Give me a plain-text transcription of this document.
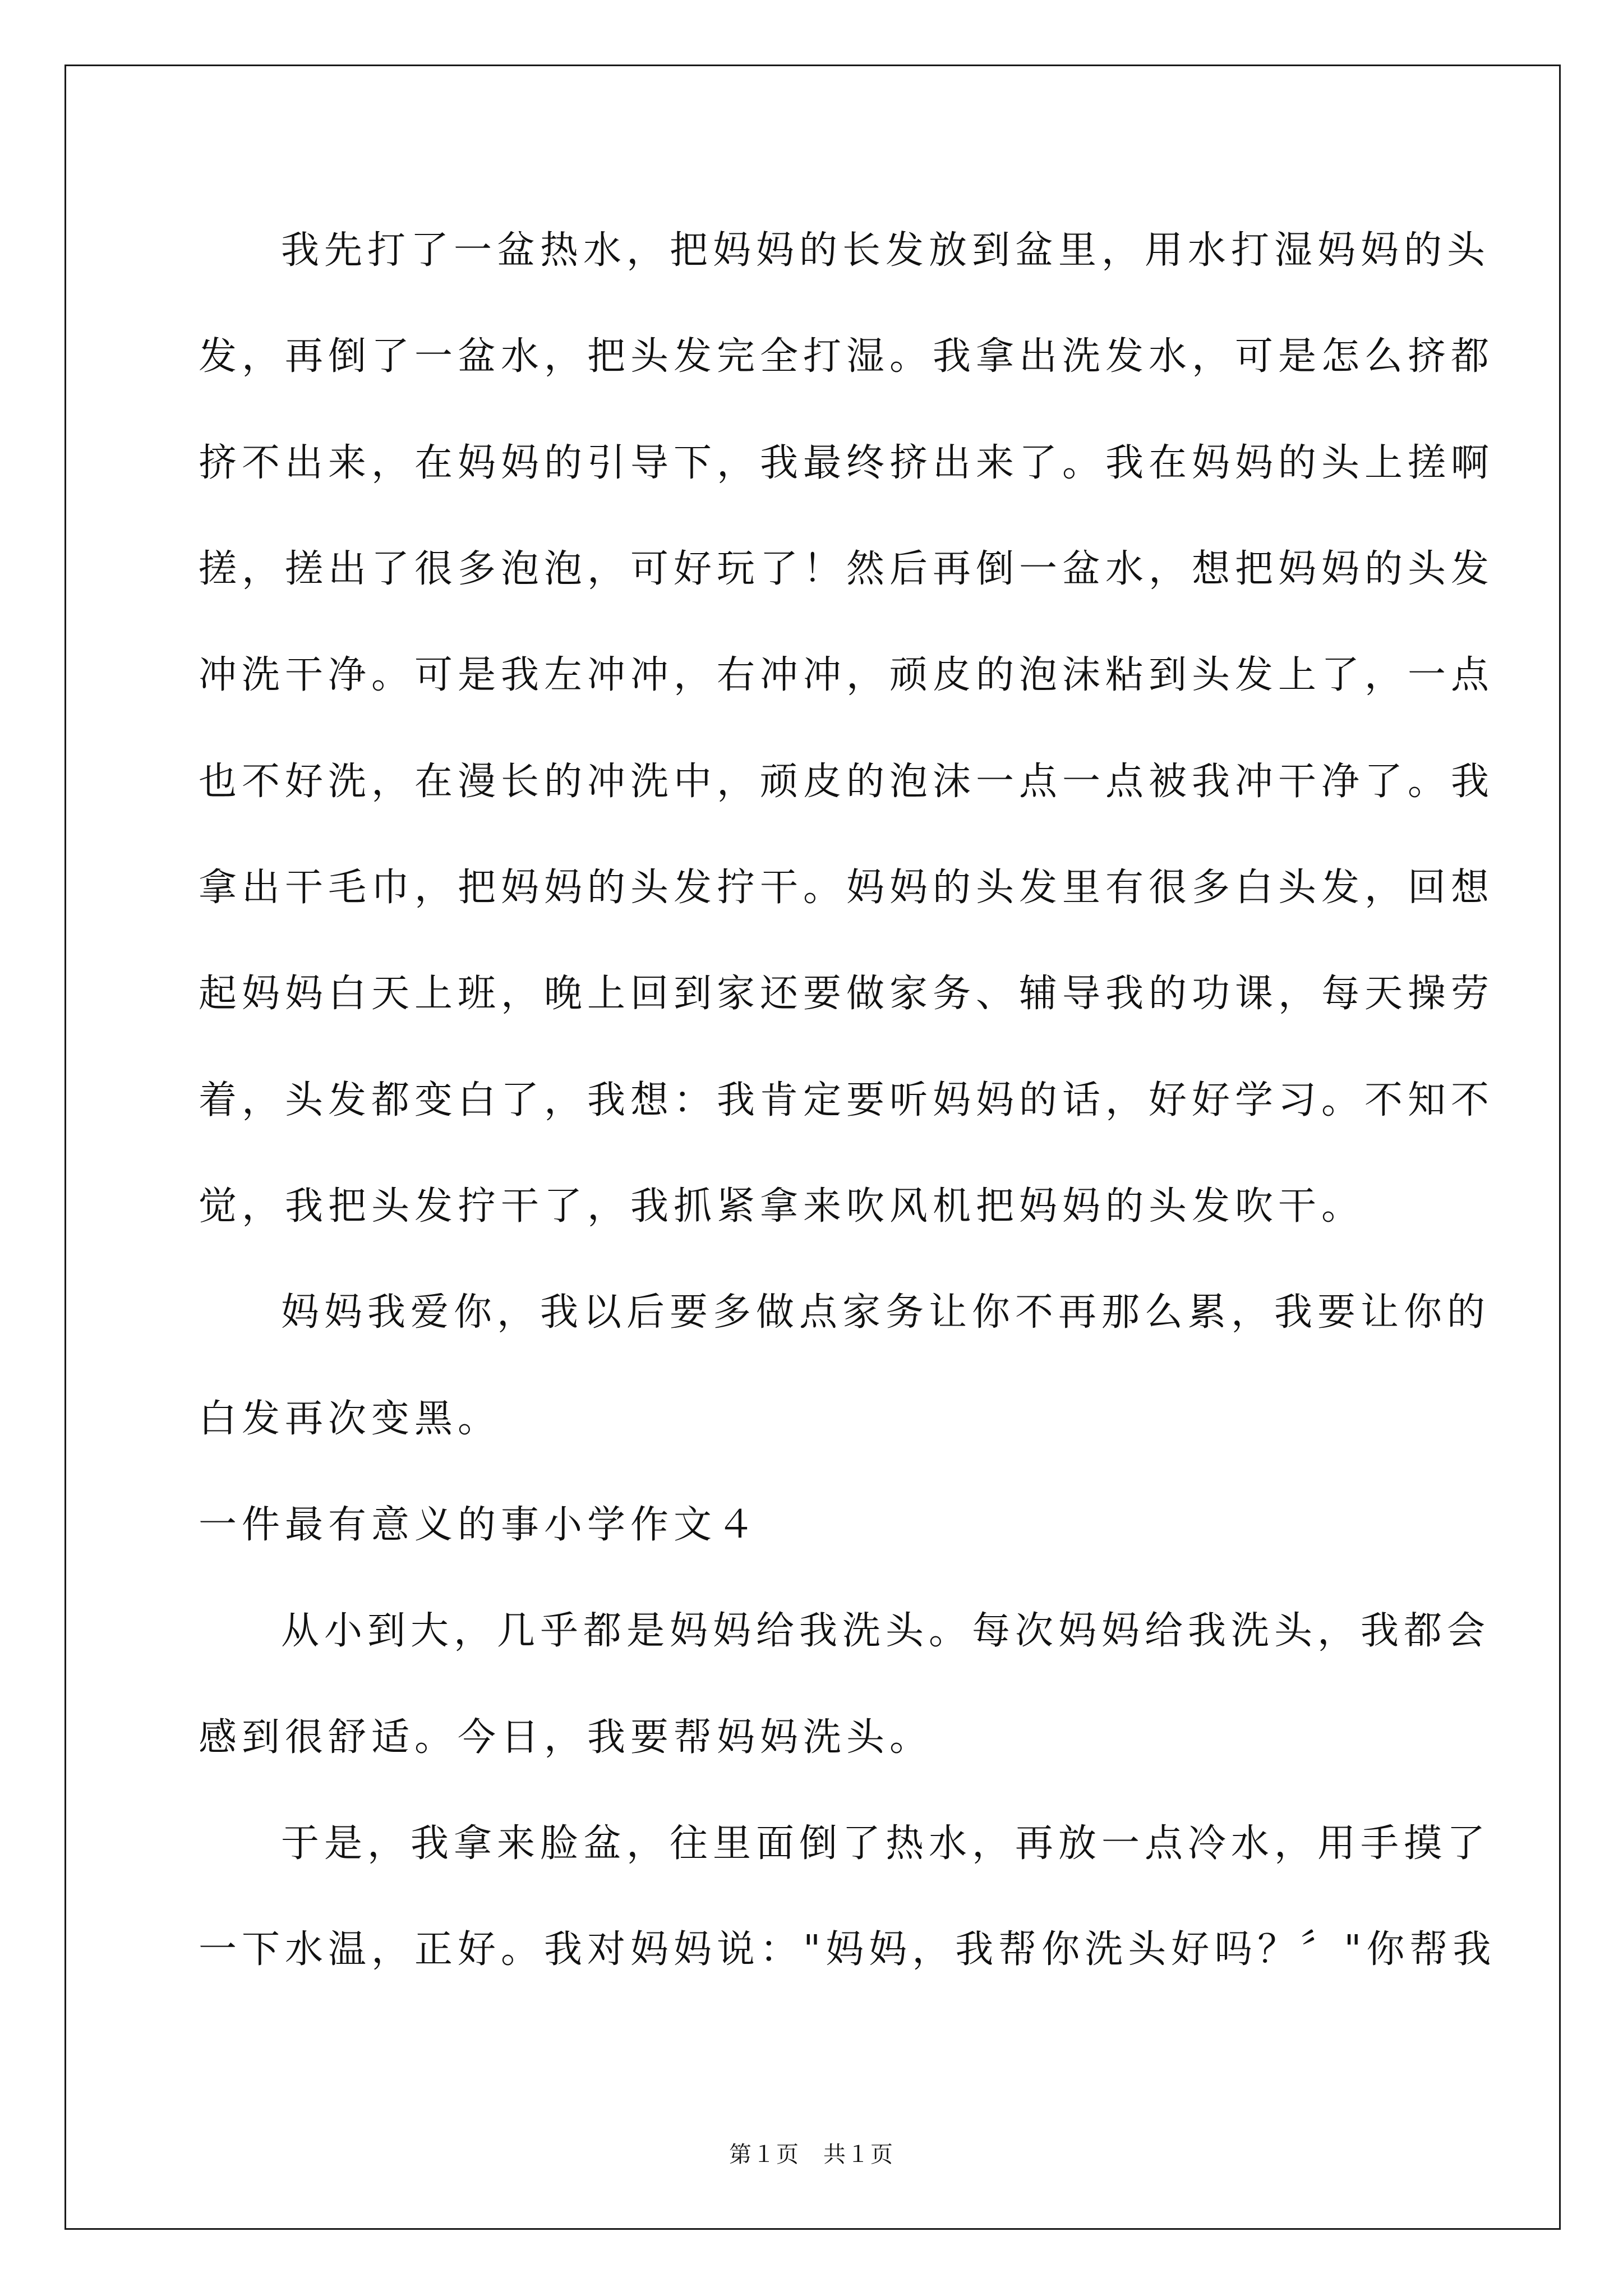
我先打了一盆热水，把妈妈的长发放到盆里，用水打湿妈妈的头
发，再倒了一盆水，把头发完全打湿。我拿出洗发水，可是怎么挤都
挤不出来，在妈妈的引导下，我最终挤出来了。我在妈妈的头上搓啊
搓，搓出了很多泡泡，可好玩了！然后再倒一盆水，想把妈妈的头发
冲洗干净。可是我左冲冲，右冲冲，顽皮的泡沫粘到头发上了，一点
也不好洗，在漫长的冲洗中，顽皮的泡沫一点一点被我冲干净了。我
拿出干毛巾，把妈妈的头发拧干。妈妈的头发里有很多白头发，回想
起妈妈白天上班，晚上回到家还要做家务、辅导我的功课，每天操劳
着，头发都变白了，我想：我肯定要听妈妈的话，好好学习。不知不
觉，我把头发拧干了，我抓紧拿来吹风机把妈妈的头发吹干。
妈妈我爱你，我以后要多做点家务让你不再那么累，我要让你的
白发再次变黑。
一件最有意义的事小学作文４
从小到大，几乎都是妈妈给我洗头。每次妈妈给我洗头，我都会
感到很舒适。今日，我要帮妈妈洗头。
于是，我拿来脸盆，往里面倒了热水，再放一点冷水，用手摸了
一下水温，正好。我对妈妈说："妈妈，我帮你洗头好吗？〞"你帮我
第１页　共１页
